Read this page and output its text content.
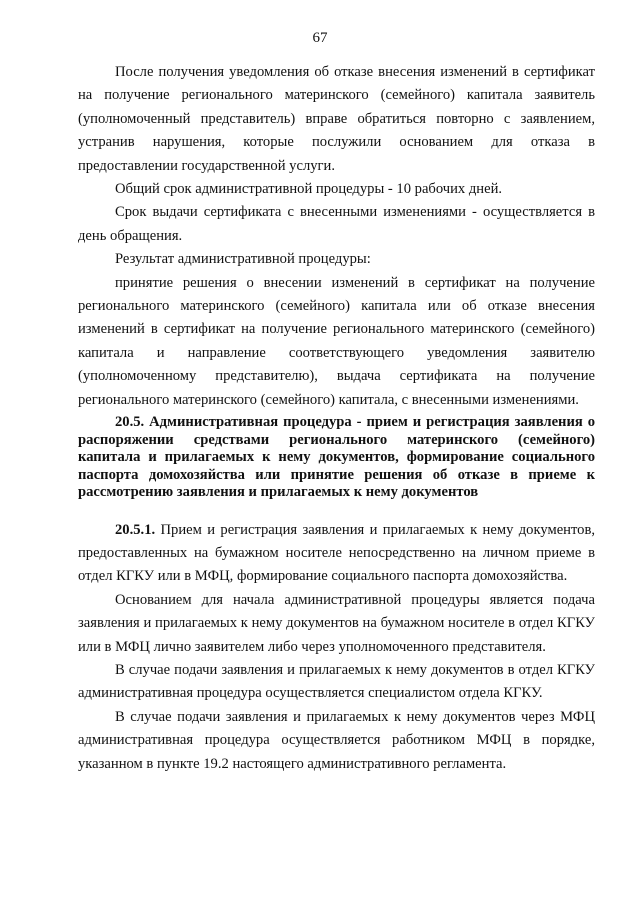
67

После получения уведомления об отказе внесения изменений в сертификат на получение регионального материнского (семейного) капитала заявитель (уполномоченный представитель) вправе обратиться повторно с заявлением, устранив нарушения, которые послужили основанием для отказа в предоставлении государственной услуги.

Общий срок административной процедуры - 10 рабочих дней.

Срок выдачи сертификата с внесенными изменениями - осуществляется в день обращения.

Результат административной процедуры:

принятие решения о внесении изменений в сертификат на получение регионального материнского (семейного) капитала или об отказе внесения изменений в сертификат на получение регионального материнского (семейного) капитала и направление соответствующего уведомления заявителю (уполномоченному представителю), выдача сертификата на получение регионального материнского (семейного) капитала, с внесенными изменениями.

20.5. Административная процедура - прием и регистрация заявления о распоряжении средствами регионального материнского (семейного) капитала и прилагаемых к нему документов, формирование социального паспорта домохозяйства или принятие решения об отказе в приеме к рассмотрению заявления и прилагаемых к нему документов

20.5.1. Прием и регистрация заявления и прилагаемых к нему документов, предоставленных на бумажном носителе непосредственно на личном приеме в отдел КГКУ или в МФЦ, формирование социального паспорта домохозяйства.

Основанием для начала административной процедуры является подача заявления и прилагаемых к нему документов на бумажном носителе в отдел КГКУ или в МФЦ лично заявителем либо через уполномоченного представителя.

В случае подачи заявления и прилагаемых к нему документов в отдел КГКУ административная процедура осуществляется специалистом отдела КГКУ.

В случае подачи заявления и прилагаемых к нему документов через МФЦ административная процедура осуществляется работником МФЦ в порядке, указанном в пункте 19.2 настоящего административного регламента.
